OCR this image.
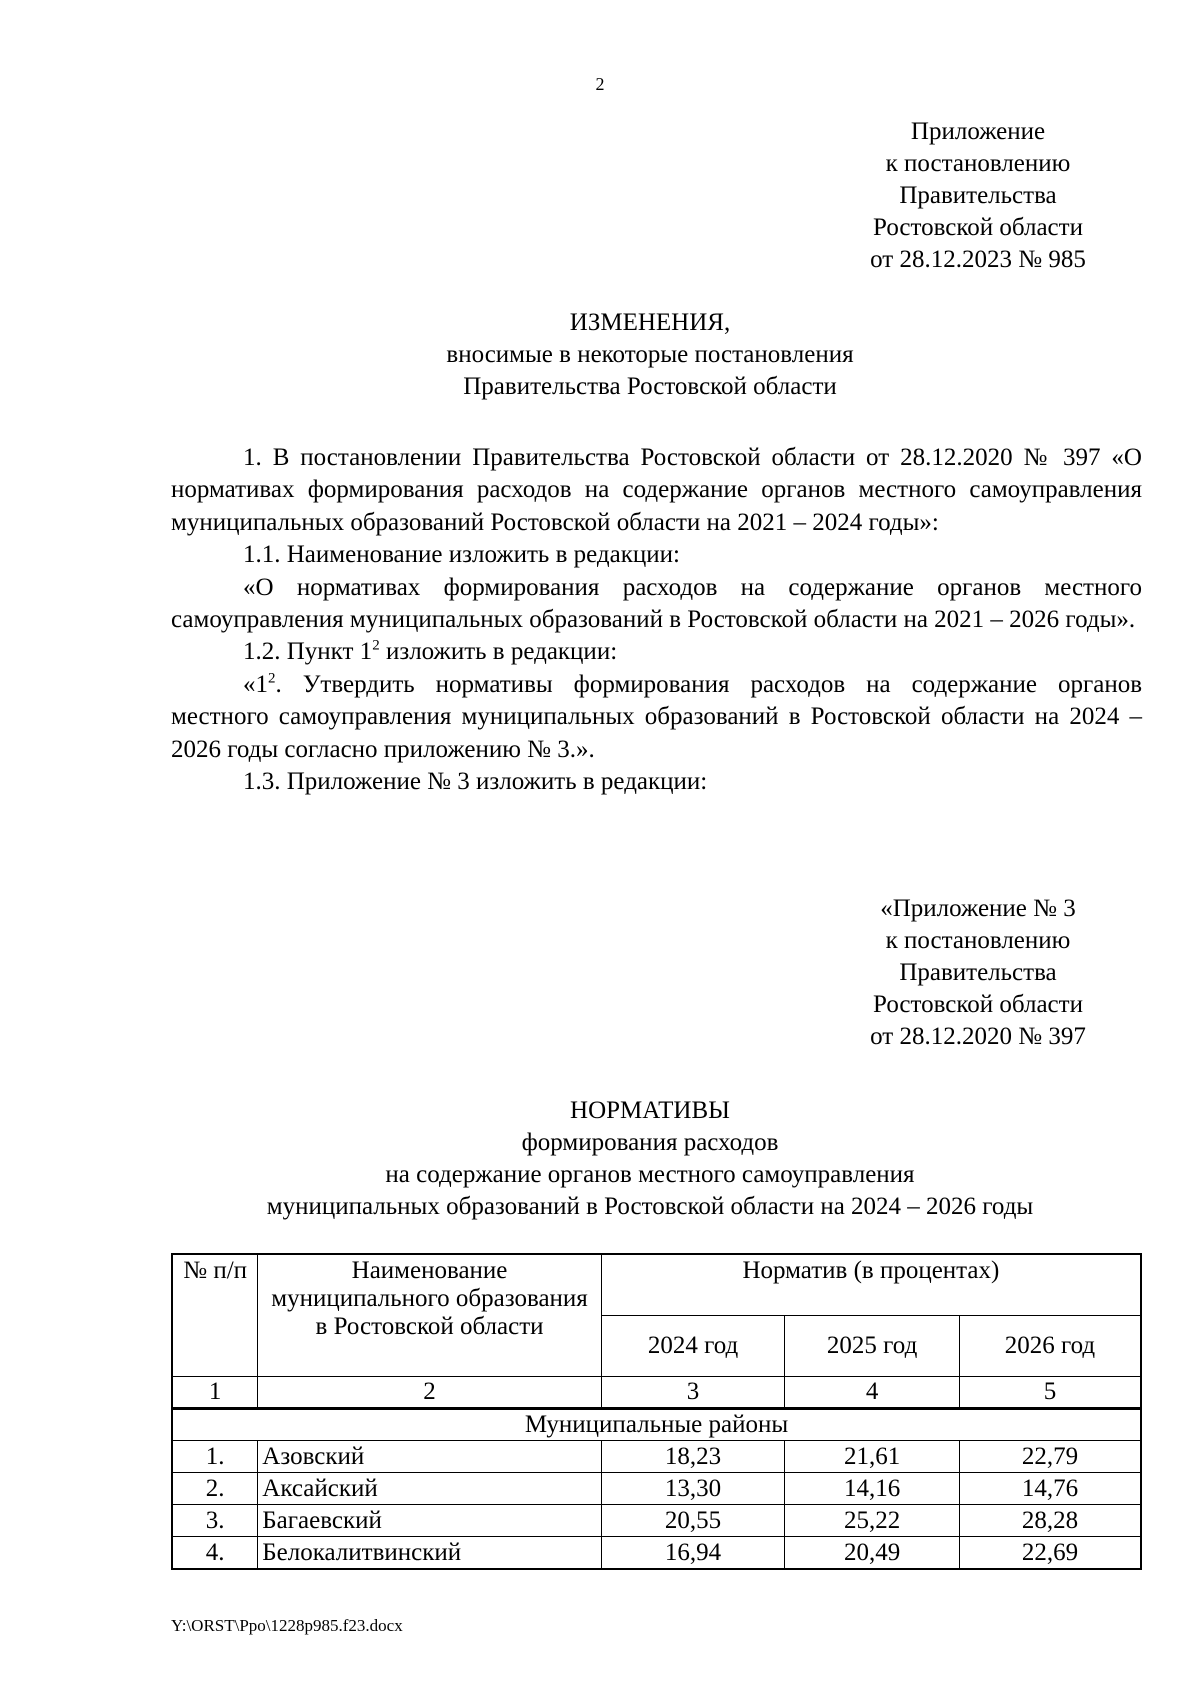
2
Приложение
к постановлению
Правительства
Ростовской области
от 28.12.2023 № 985
ИЗМЕНЕНИЯ,
вносимые в некоторые постановления
Правительства Ростовской области

1. В постановлении Правительства Ростовской области от 28.12.2020 № 397 «О нормативах формирования расходов на содержание органов местного самоуправления муниципальных образований Ростовской области на 2021 – 2024 годы»:

1.1. Наименование изложить в редакции:

«О нормативах формирования расходов на содержание органов местного самоуправления муниципальных образований в Ростовской области на 2021 – 2026 годы».

1.2. Пункт $1^2$ изложить в редакции:

«$1^2$. Утвердить нормативы формирования расходов на содержание органов местного самоуправления муниципальных образований в Ростовской области на 2024 – 2026 годы согласно приложению № 3.».

1.3. Приложение № 3 изложить в редакции:

«Приложение № 3
к постановлению
Правительства
Ростовской области
от 28.12.2020 № 397
НОРМАТИВЫ
формирования расходов
на содержание органов местного самоуправления
муниципальных образований в Ростовской области на 2024 – 2026 годы
№ п/п	Наименование муниципального образования в Ростовской области	Норматив (в процентах)		
		2024 год	2025 год	2026 год
1	2	3	4	5
Муниципальные районы				
1.	Азовский	18,23	21,61	22,79
2.	Аксайский	13,30	14,16	14,76
3.	Багаевский	20,55	25,22	28,28
4.	Белокалитвинский	16,94	20,49	22,69
Y:\ORST\Ppo\1228p985.f23.docx
